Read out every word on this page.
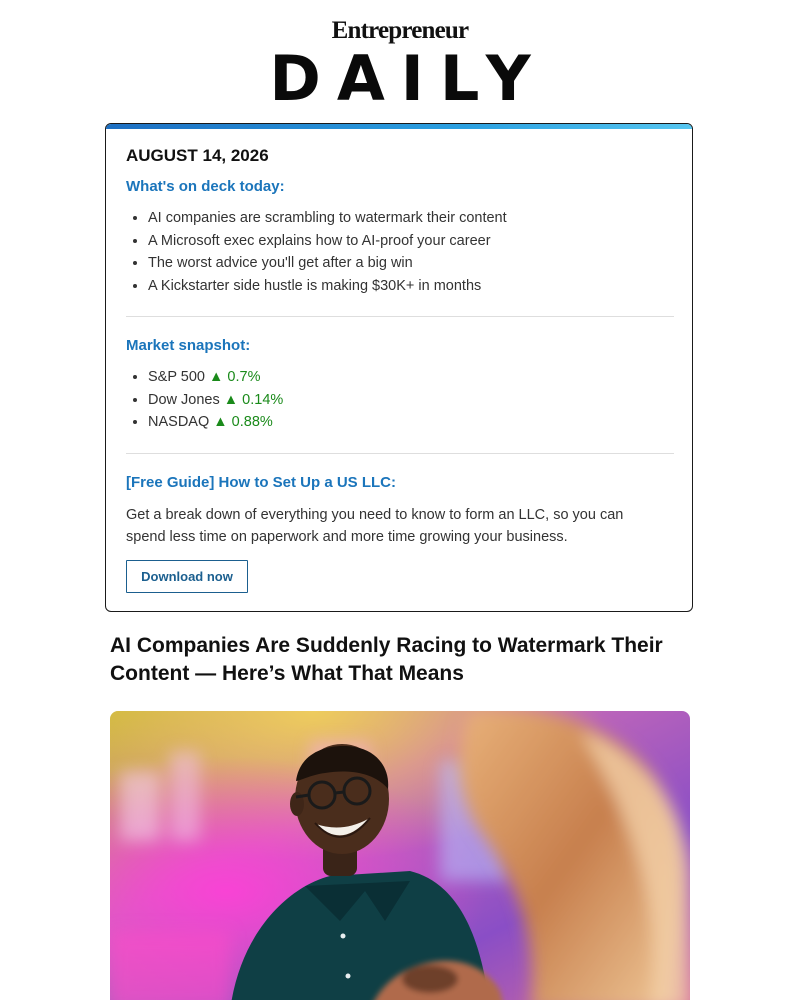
Entrepreneur
DAILY
AUGUST 14, 2026
What's on deck today:
• AI companies are scrambling to watermark their content
• A Microsoft exec explains how to AI-proof your career
• The worst advice you'll get after a big win
• A Kickstarter side hustle is making $30K+ in months
Market snapshot:
• S&P 500 ▲ 0.7%
• Dow Jones ▲ 0.14%
• NASDAQ ▲ 0.88%
[Free Guide] How to Set Up a US LLC:
Get a break down of everything you need to know to form an LLC, so you can spend less time on paperwork and more time growing your business.
Download now
AI Companies Are Suddenly Racing to Watermark Their Content — Here’s What That Means
